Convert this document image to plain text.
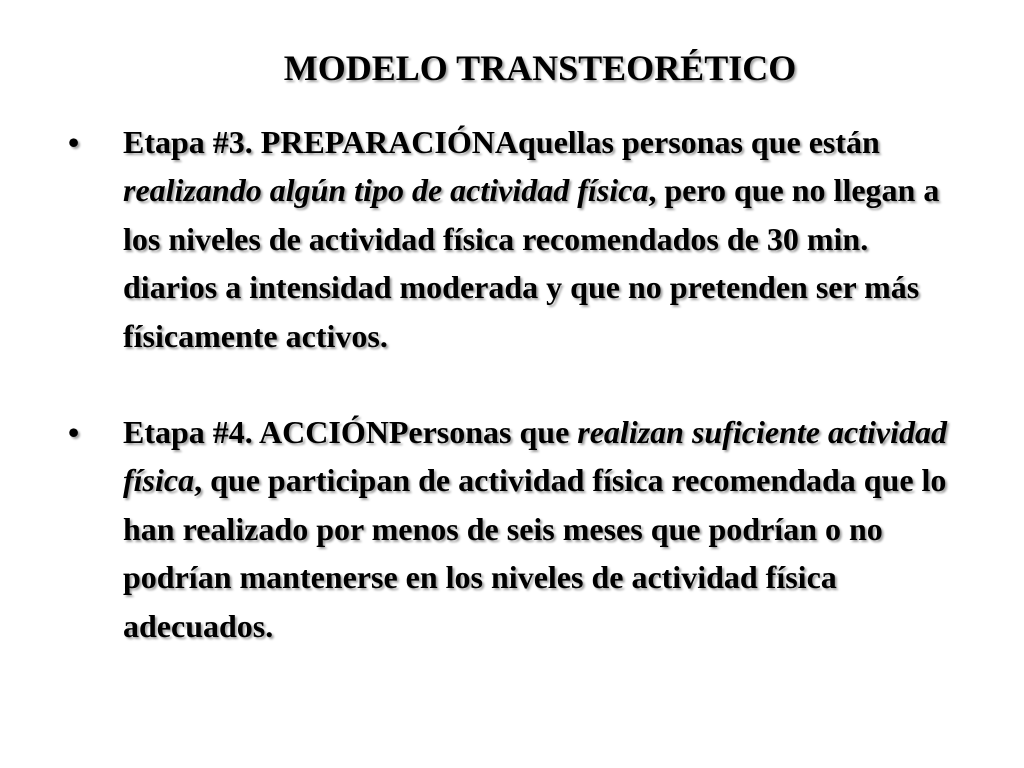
MODELO TRANSTEORÉTICO
• Etapa #3. PREPARACIÓNAquellas personas que están realizando algún tipo de actividad física, pero que no llegan a los niveles de actividad física recomendados de 30 min. diarios a intensidad moderada y que no pretenden ser más físicamente activos.
• Etapa #4. ACCIÓNPersonas que realizan suficiente actividad física, que participan de actividad física recomendada que lo han realizado por menos de seis meses que podrían o no podrían mantenerse en los niveles de actividad física adecuados.
